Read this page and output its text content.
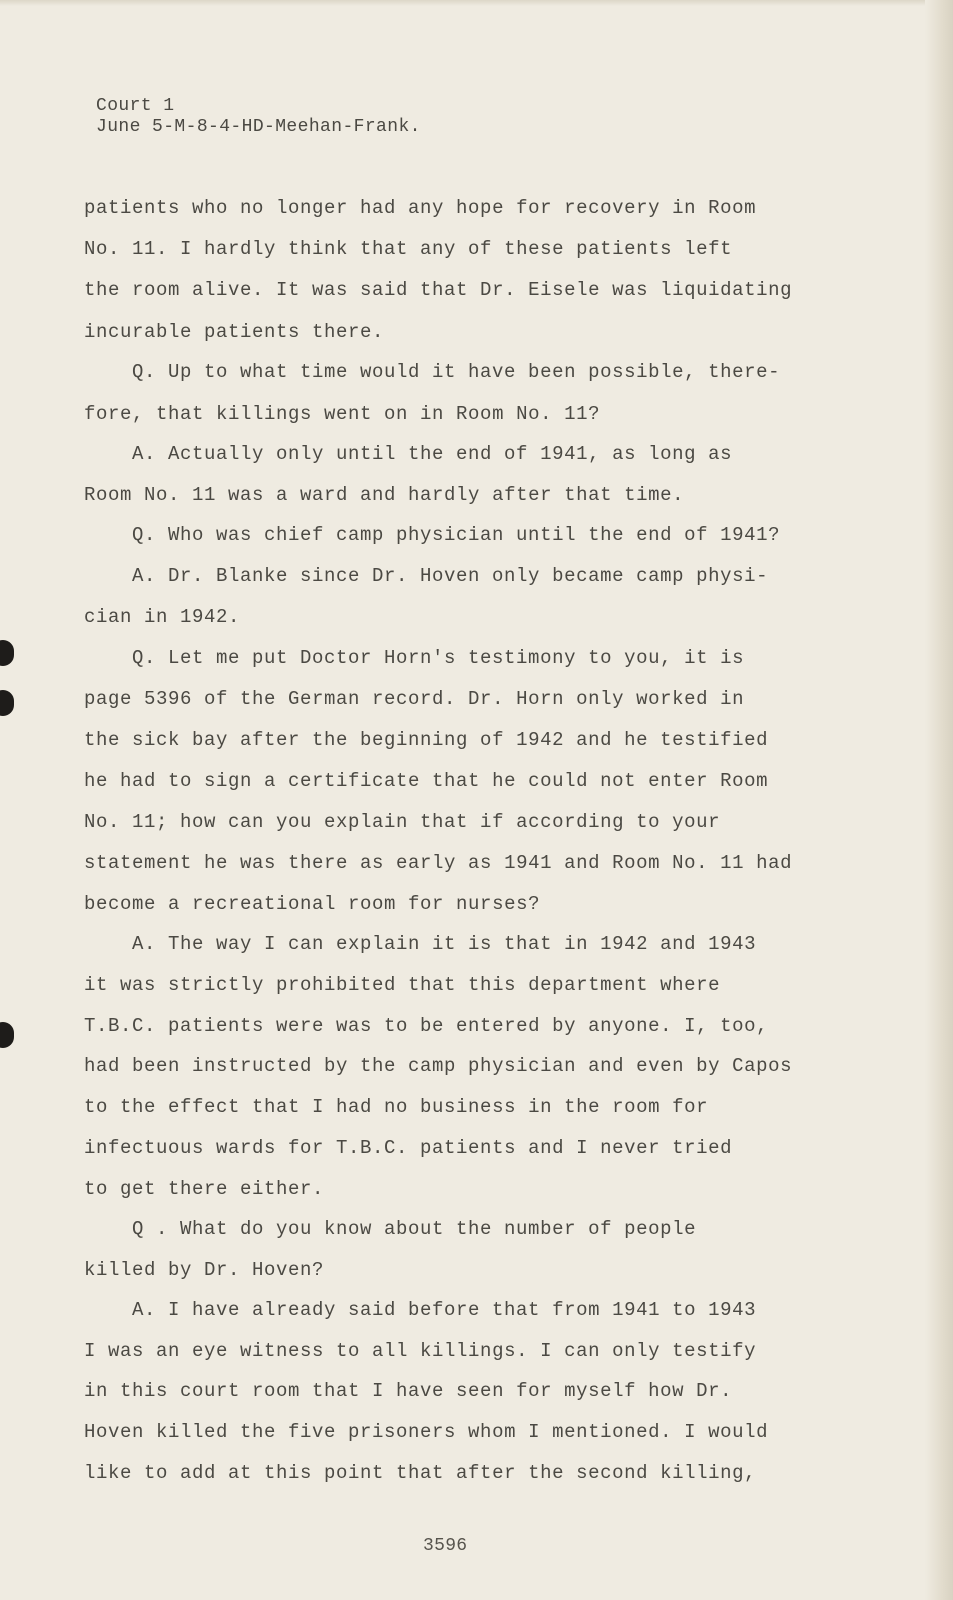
Court 1
June 5-M-8-4-HD-Meehan-Frank.
patients who no longer had any hope for recovery in Room
No. 11. I hardly think that any of these patients left
the room alive. It was said that Dr. Eisele was liquidating
incurable patients there.
Q. Up to what time would it have been possible, there-
fore, that killings went on in Room No. 11?
A. Actually only until the end of 1941, as long as
Room No. 11 was a ward and hardly after that time.
Q. Who was chief camp physician until the end of 1941?
A. Dr. Blanke since Dr. Hoven only became camp physi-
cian in 1942.
Q. Let me put Doctor Horn's testimony to you, it is
page 5396 of the German record. Dr. Horn only worked in
the sick bay after the beginning of 1942 and he testified
he had to sign a certificate that he could not enter Room
No. 11; how can you explain that if according to your
statement he was there as early as 1941 and Room No. 11 had
become a recreational room for nurses?
A. The way I can explain it is that in 1942 and 1943
it was strictly prohibited that this department where
T.B.C. patients were was to be entered by anyone. I, too,
had been instructed by the camp physician and even by Capos
to the effect that I had no business in the room for
infectuous wards for T.B.C. patients and I never tried
to get there either.
Q . What do you know about the number of people
killed by Dr. Hoven?
A. I have already said before that from 1941 to 1943
I was an eye witness to all killings. I can only testify
in this court room that I have seen for myself how Dr.
Hoven killed the five prisoners whom I mentioned. I would
like to add at this point that after the second killing,
3596
